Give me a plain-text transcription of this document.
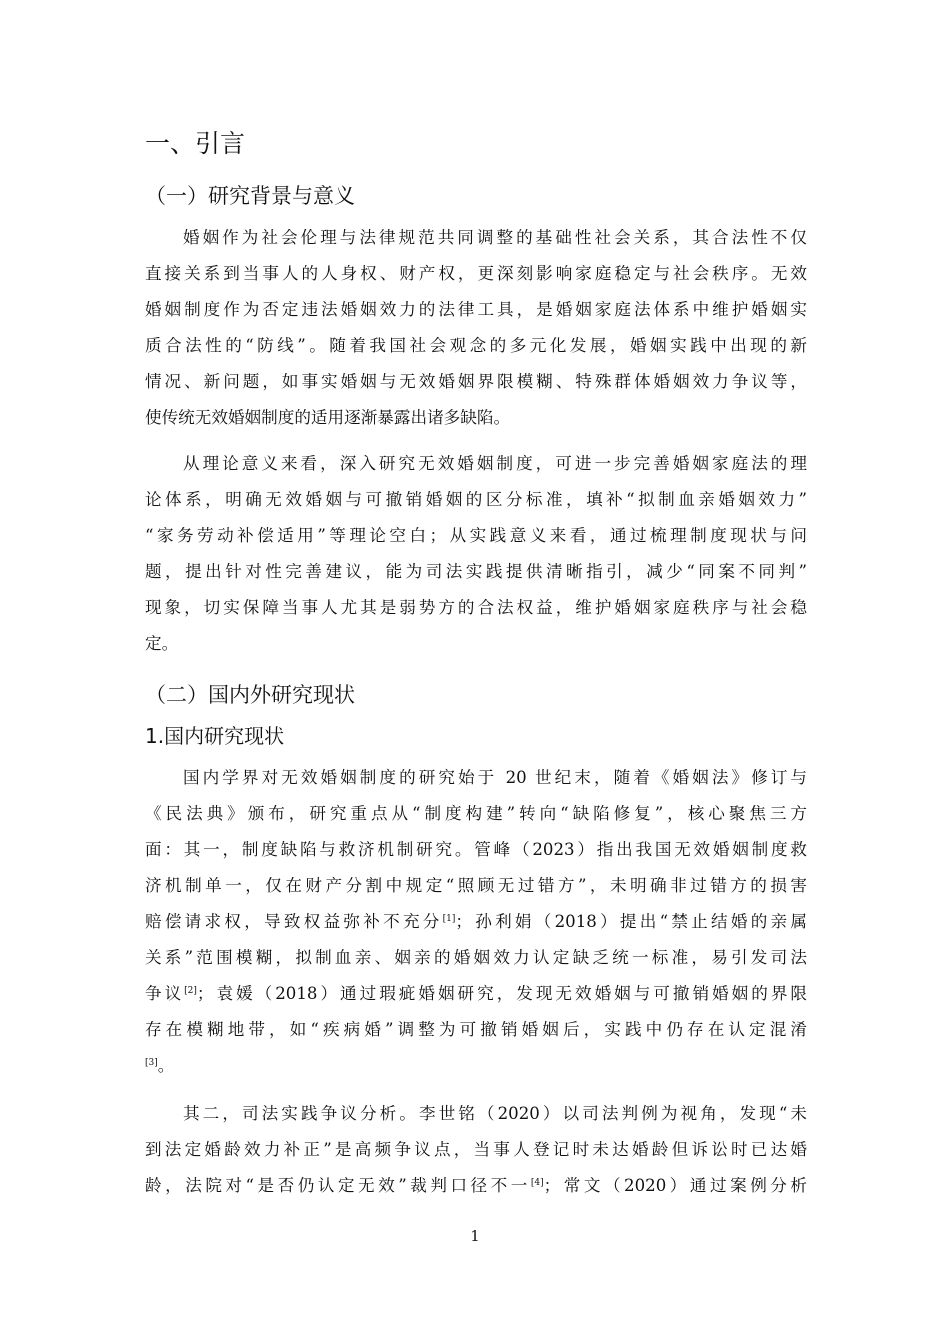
一、引言
（一）研究背景与意义
婚姻作为社会伦理与法律规范共同调整的基础性社会关系，其合法性不仅
直接关系到当事人的人身权、财产权，更深刻影响家庭稳定与社会秩序。无效
婚姻制度作为否定违法婚姻效力的法律工具，是婚姻家庭法体系中维护婚姻实
质合法性的“防线”。随着我国社会观念的多元化发展，婚姻实践中出现的新
情况、新问题，如事实婚姻与无效婚姻界限模糊、特殊群体婚姻效力争议等，
使传统无效婚姻制度的适用逐渐暴露出诸多缺陷。
从理论意义来看，深入研究无效婚姻制度，可进一步完善婚姻家庭法的理
论体系，明确无效婚姻与可撤销婚姻的区分标准，填补“拟制血亲婚姻效力”
“家务劳动补偿适用”等理论空白；从实践意义来看，通过梳理制度现状与问
题，提出针对性完善建议，能为司法实践提供清晰指引，减少“同案不同判”
现象，切实保障当事人尤其是弱势方的合法权益，维护婚姻家庭秩序与社会稳
定。
（二）国内外研究现状
1.国内研究现状
国内学界对无效婚姻制度的研究始于 20 世纪末，随着《婚姻法》修订与
《民法典》颁布，研究重点从“制度构建”转向“缺陷修复”，核心聚焦三方
面：其一，制度缺陷与救济机制研究。管峰（2023）指出我国无效婚姻制度救
济机制单一，仅在财产分割中规定“照顾无过错方”，未明确非过错方的损害
赔偿请求权，导致权益弥补不充分[1]；孙利娟（2018）提出“禁止结婚的亲属
关系”范围模糊，拟制血亲、姻亲的婚姻效力认定缺乏统一标准，易引发司法
争议[2]；袁媛（2018）通过瑕疵婚姻研究，发现无效婚姻与可撤销婚姻的界限
存在模糊地带，如“疾病婚”调整为可撤销婚姻后，实践中仍存在认定混淆
[3]。
其二，司法实践争议分析。李世铭（2020）以司法判例为视角，发现“未
到法定婚龄效力补正”是高频争议点，当事人登记时未达婚龄但诉讼时已达婚
龄，法院对“是否仍认定无效”裁判口径不一[4]；常文（2020）通过案例分析
1
